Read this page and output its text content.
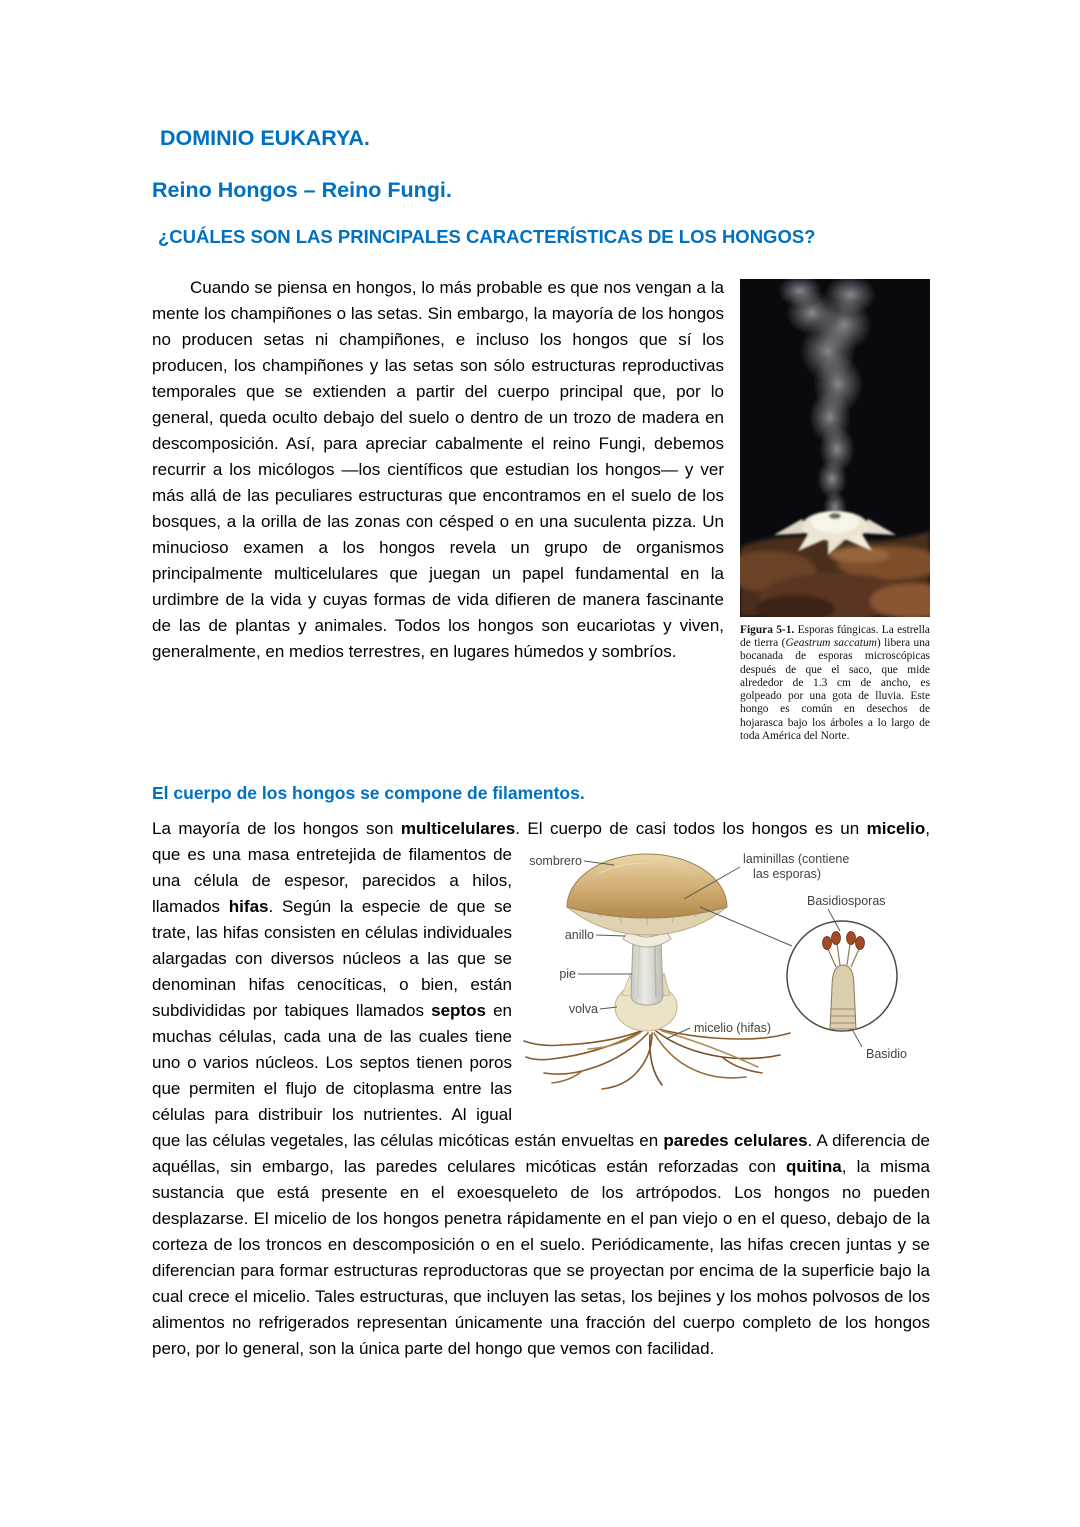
DOMINIO EUKARYA.
Reino Hongos – Reino Fungi.
¿CUÁLES SON LAS PRINCIPALES CARACTERÍSTICAS DE LOS HONGOS?
Figura 5-1. Esporas fúngicas. La estrella de tierra (Geastrum saccatum) libera una bocanada de esporas microscópicas después de que el saco, que mide alrededor de 1.3 cm de ancho, es golpeado por una gota de lluvia. Este hongo es común en desechos de hojarasca bajo los árboles a lo largo de toda América del Norte.

Cuando se piensa en hongos, lo más probable es que nos vengan a la mente los champiñones o las setas. Sin embargo, la mayoría de los hongos no producen setas ni champiñones, e incluso los hongos que sí los producen, los champiñones y las setas son sólo estructuras reproductivas temporales que se extienden a partir del cuerpo principal que, por lo general, queda oculto debajo del suelo o dentro de un trozo de madera en descomposición. Así, para apreciar cabalmente el reino Fungi, debemos recurrir a los micólogos —los científicos que estudian los hongos— y ver más allá de las peculiares estructuras que encontramos en el suelo de los bosques, a la orilla de las zonas con césped o en una suculenta pizza. Un minucioso examen a los hongos revela un grupo de organismos principalmente multicelulares que juegan un papel fundamental en la urdimbre de la vida y cuyas formas de vida difieren de manera fascinante de las de plantas y animales. Todos los hongos son eucariotas y viven, generalmente, en medios terrestres, en lugares húmedos y sombríos.

El cuerpo de los hongos se compone de filamentos.

La mayoría de los hongos son multicelulares. El cuerpo de casi todos los hongos es un micelio,

sombrero	laminillas (contiene
las esporas)
Basidiosporas
anillo
pie
volva
micelio (hifas)
Basidio

que es una masa entretejida de filamentos de una célula de espesor, parecidos a hilos, llamados hifas. Según la especie de que se trate, las hifas consisten en células individuales alargadas con diversos núcleos a las que se denominan hifas cenocíticas, o bien, están subdivididas por tabiques llamados septos en muchas células, cada una de las cuales tiene uno o varios núcleos. Los septos tienen poros que permiten el flujo de citoplasma entre las células para distribuir los nutrientes. Al igual que las células vegetales, las células micóticas están envueltas en paredes celulares. A diferencia de aquéllas, sin embargo, las paredes celulares micóticas están reforzadas con quitina, la misma sustancia que está presente en el exoesqueleto de los artrópodos. Los hongos no pueden desplazarse. El micelio de los hongos penetra rápidamente en el pan viejo o en el queso, debajo de la corteza de los troncos en descomposición o en el suelo. Periódicamente, las hifas crecen juntas y se diferencian para formar estructuras reproductoras que se proyectan por encima de la superficie bajo la cual crece el micelio. Tales estructuras, que incluyen las setas, los bejines y los mohos polvosos de los alimentos no refrigerados representan únicamente una fracción del cuerpo completo de los hongos pero, por lo general, son la única parte del hongo que vemos con facilidad.
